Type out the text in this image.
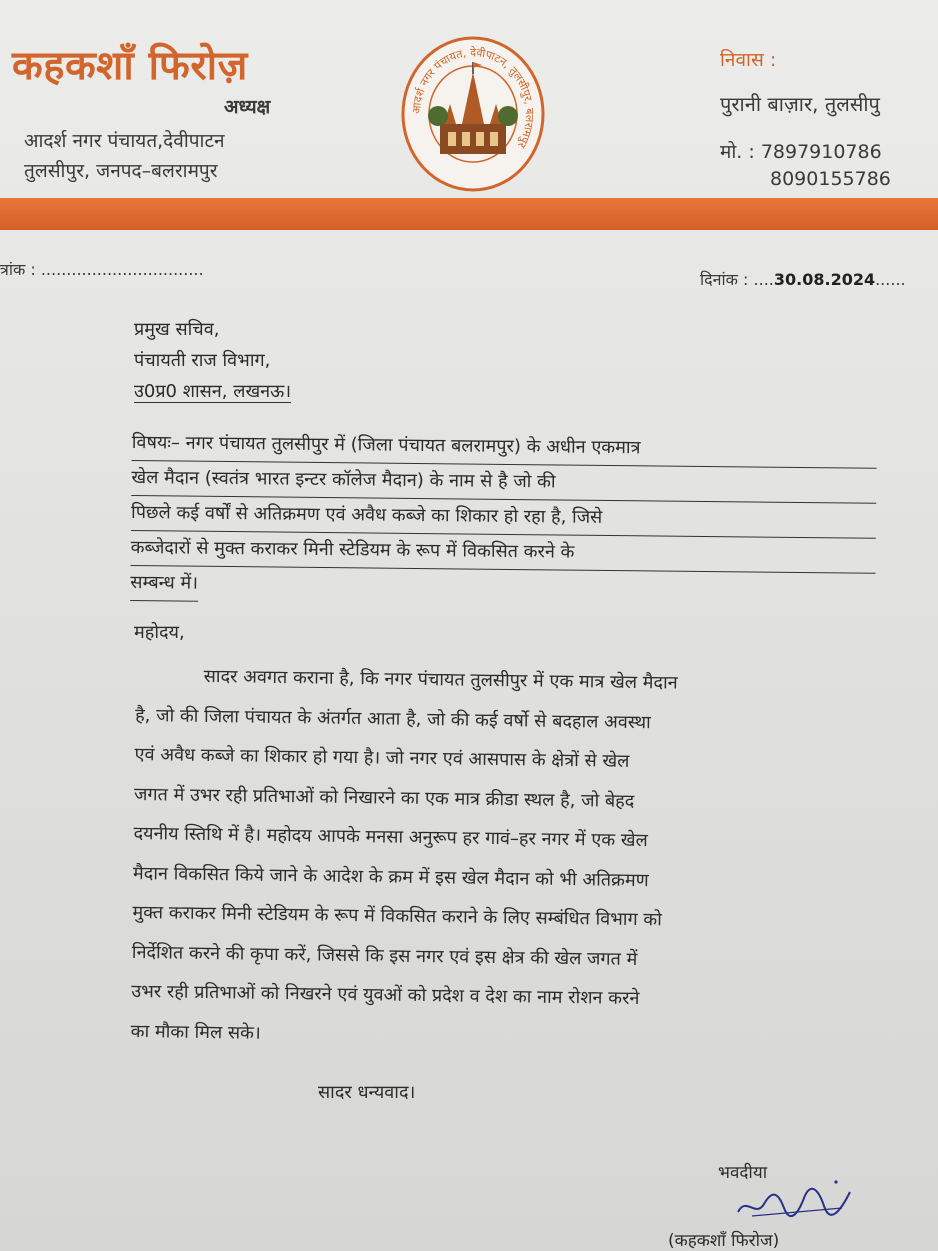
कहकशाँ फिरोज़
अध्यक्ष
आदर्श नगर पंचायत,देवीपाटन
तुलसीपुर, जनपद–बलरामपुर
आदर्श नगर पंचायत, देवीपाटन, तुलसीपुर, बलरामपुर
निवास :
पुरानी बाज़ार, तुलसीपु
मो. : 7897910786
8090155786
त्रांक : ................................
दिनांक : ....30.08.2024......
प्रमुख सचिव,
पंचायती राज विभाग,
उ0प्र0 शासन, लखनऊ।
विषयः– नगर पंचायत तुलसीपुर में (जिला पंचायत बलरामपुर) के अधीन एकमात्र
खेल मैदान (स्वतंत्र भारत इन्टर कॉलेज मैदान) के नाम से है जो की
पिछले कई वर्षों से अतिक्रमण एवं अवैध कब्जे का शिकार हो रहा है, जिसे
कब्जेदारों से मुक्त कराकर मिनी स्टेडियम के रूप में विकसित करने के
सम्बन्ध में।
महोदय,
सादर अवगत कराना है, कि नगर पंचायत तुलसीपुर में एक मात्र खेल मैदान
है, जो की जिला पंचायत के अंतर्गत आता है, जो की कई वर्षो से बदहाल अवस्था
एवं अवैध कब्जे का शिकार हो गया है। जो नगर एवं आसपास के क्षेत्रों से खेल
जगत में उभर रही प्रतिभाओं को निखारने का एक मात्र क्रीडा स्थल है, जो बेहद
दयनीय स्तिथि में है। महोदय आपके मनसा अनुरूप हर गावं–हर नगर में एक खेल
मैदान विकसित किये जाने के आदेश के क्रम में इस खेल मैदान को भी अतिक्रमण
मुक्त कराकर मिनी स्टेडियम के रूप में विकसित कराने के लिए सम्बंधित विभाग को
निर्देशित करने की कृपा करें, जिससे कि इस नगर एवं इस क्षेत्र की खेल जगत में
उभर रही प्रतिभाओं को निखरने एवं युवओं को प्रदेश व देश का नाम रोशन करने
का मौका मिल सके।
सादर धन्यवाद।
भवदीया
(कहकशाँ फिरोज)
